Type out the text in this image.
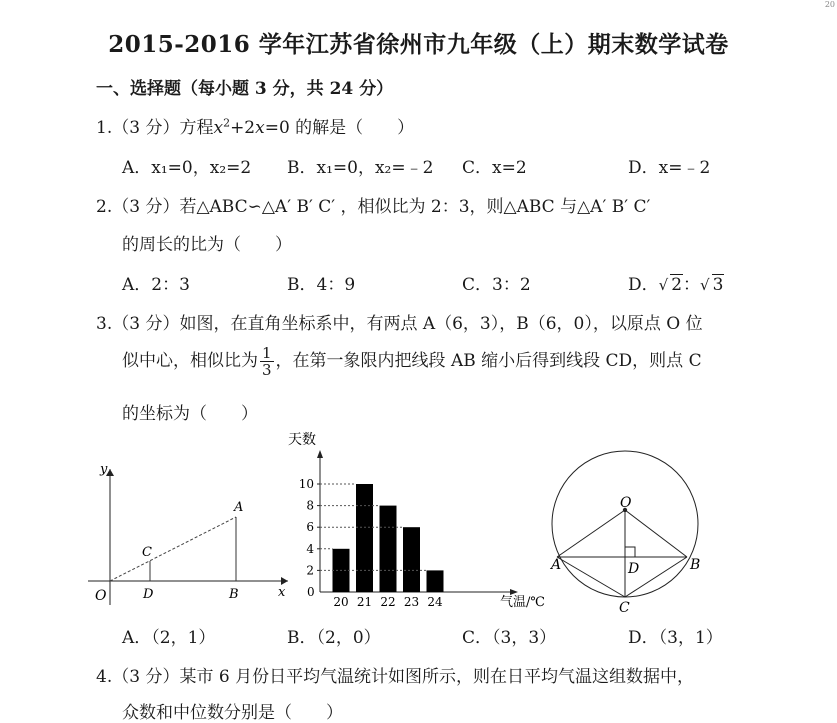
20
2015-2016 学年江苏省徐州市九年级（上）期末数学试卷
一、选择题（每小题 3 分，共 24 分）
1.（3 分）方程$x^2+2x=0$ 的解是（　　）
A．x₁=0，x₂=2 B．x₁=0，x₂=﹣2 C．x=2	D．x=﹣2
2.（3 分）若△ABC∽△A′ B′ C′ ，相似比为 2：3，则△ABC 与△A′ B′ C′
的周长的比为（　　）
A．2：3	B．4：9	C．3：2	D．√ 2：√ 3
3.（3 分）如图，在直角坐标系中，有两点 A（6，3），B（6，0），以原点 O 位
似中心，相似比为 $\frac{1}{3}$ ，在第一象限内把线段 AB 缩小后得到线段 CD，则点 C
的坐标为（　　）
y
x
O	D	B
C
A
天数
0
气温/℃
2
4
6
8
10
20 21 22 23 24
O
A	B
C
D
A．（2，1）	B．（2，0）	C．（3，3）	D．（3，1）
4.（3 分）某市 6 月份日平均气温统计如图所示，则在日平均气温这组数据中，
众数和中位数分别是（　　）
